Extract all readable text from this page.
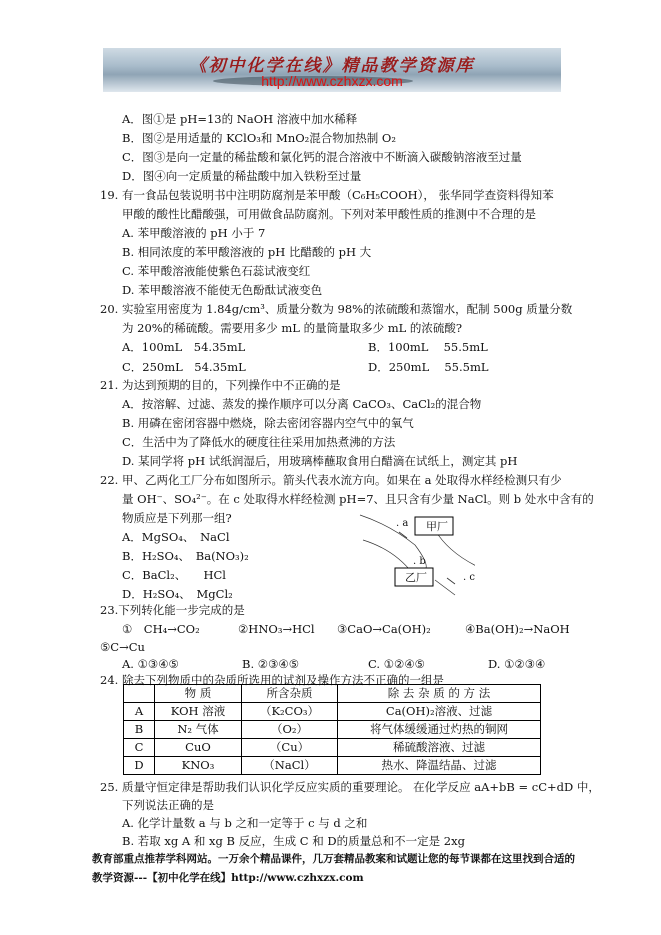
《初中化学在线》精品教学资源库
http://www.czhxzx.com
A．图①是 pH=13的 NaOH 溶液中加水稀释
B．图②是用适量的 KClO₃和 MnO₂混合物加热制 O₂
C．图③是向一定量的稀盐酸和氯化钙的混合溶液中不断滴入碳酸钠溶液至过量
D．图④向一定质量的稀盐酸中加入铁粉至过量
19. 有一食品包装说明书中注明防腐剂是苯甲酸（C₆H₅COOH）， 张华同学查资料得知苯
甲酸的酸性比醋酸强，可用做食品防腐剂。下列对苯甲酸性质的推测中不合理的是
A. 苯甲酸溶液的 pH 小于 7
B. 相同浓度的苯甲酸溶液的 pH 比醋酸的 pH 大
C. 苯甲酸溶液能使紫色石蕊试液变红
D. 苯甲酸溶液不能使无色酚酞试液变色
20. 实验室用密度为 1.84g/cm³、质量分数为 98%的浓硫酸和蒸馏水，配制 500g 质量分数
为 20%的稀硫酸。需要用多少 mL 的量筒量取多少 mL 的浓硫酸?
A．100mL　54.35mL	B．100mL　 55.5mL
C．250mL　54.35mL	D．250mL　 55.5mL
21. 为达到预期的目的，下列操作中不正确的是
A．按溶解、过滤、蒸发的操作顺序可以分离 CaCO₃、CaCl₂的混合物
B. 用磷在密闭容器中燃烧，除去密闭容器内空气中的氧气
C．生活中为了降低水的硬度往往采用加热煮沸的方法
D. 某同学将 pH 试纸润湿后，用玻璃棒蘸取食用白醋滴在试纸上，测定其 pH
22. 甲、乙两化工厂分布如图所示。箭头代表水流方向。如果在 a 处取得水样经检测只有少
量 OH⁻、SO₄²⁻。在 c 处取得水样经检测 pH=7、且只含有少量 NaCl。则 b 处水中含有的
物质应是下列那一组?
A．MgSO₄、　NaCl
B．H₂SO₄、　Ba(NO₃)₂
C．BaCl₂、　　HCl
D．H₂SO₄、　MgCl₂
甲厂
乙厂
. a
. b
. c
23.下列转化能一步完成的是
①　CH₄→CO₂	②HNO₃→HCl ③CaO→Ca(OH)₂	④Ba(OH)₂→NaOH
⑤C→Cu
A. ①③④⑤	B. ②③④⑤	C. ①②④⑤	D. ①②③④
24. 除去下列物质中的杂质所选用的试剂及操作方法不正确的一组是
	物 质	所含杂质	除 去 杂 质 的 方 法
A	KOH 溶液	（K₂CO₃）	Ca(OH)₂溶液、过滤
B	N₂ 气体	（O₂）	将气体缓缓通过灼热的铜网
C	CuO	（Cu）	稀硫酸溶液、过滤
D	KNO₃	（NaCl）	热水、降温结晶、过滤
25. 质量守恒定律是帮助我们认识化学反应实质的重要理论。 在化学反应 aA+bB = cC+dD 中，
下列说法正确的是
A. 化学计量数 a 与 b 之和一定等于 c 与 d 之和
B. 若取 xg A 和 xg B 反应，生成 C 和 D的质量总和不一定是 2xg
教育部重点推荐学科网站。一万余个精品课件，几万套精品教案和试题让您的每节课都在这里找到合适的
教学资源---【初中化学在线】http://www.czhxzx.com
